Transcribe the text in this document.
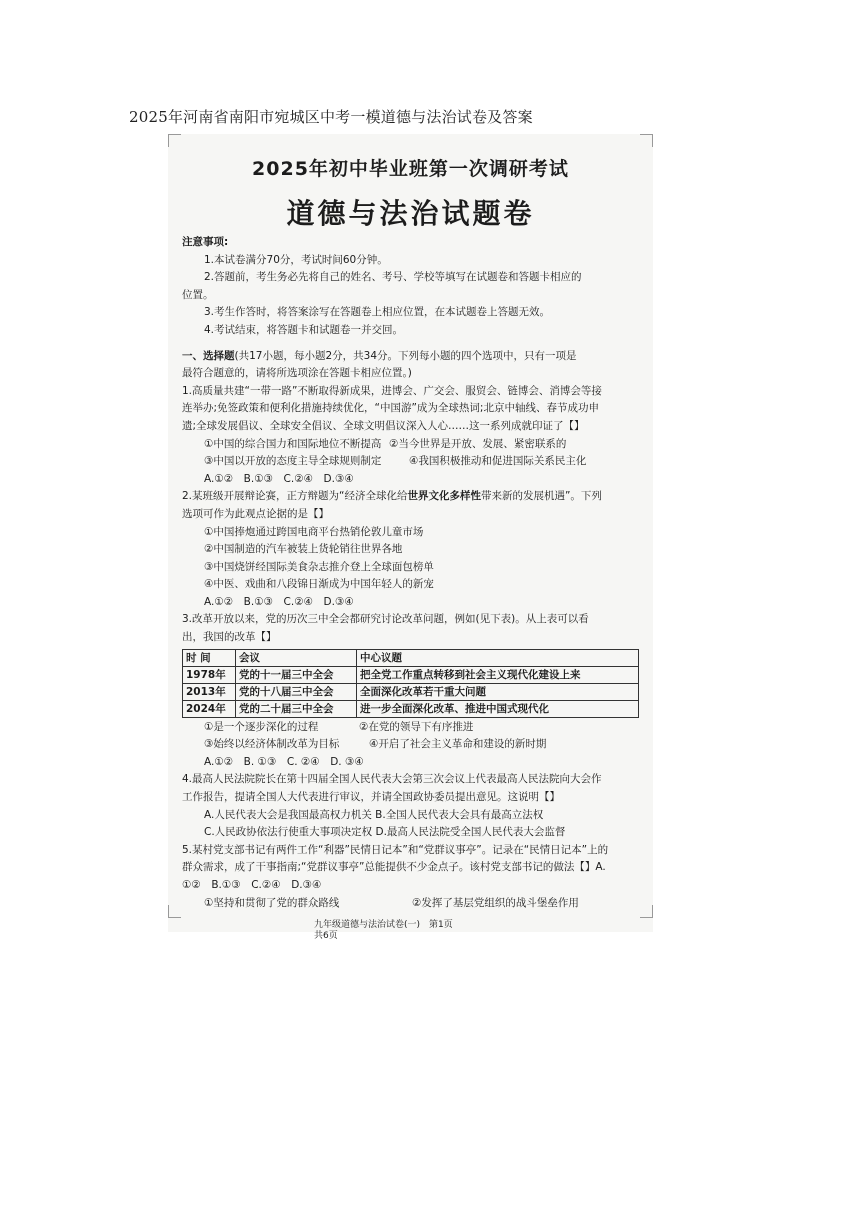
2025年河南省南阳市宛城区中考一模道德与法治试卷及答案
2025年初中毕业班第一次调研考试
道德与法治试题卷

注意事项:

1.本试卷满分70分，考试时间60分钟。

2.答题前，考生务必先将自己的姓名、考号、学校等填写在试题卷和答题卡相应的

位置。

3.考生作答时，将答案涂写在答题卷上相应位置，在本试题卷上答题无效。

4.考试结束，将答题卡和试题卷一并交回。

一、选择题(共17小题，每小题2分，共34分。下列每小题的四个选项中，只有一项是

最符合题意的，请将所选项涂在答题卡相应位置。)

1.高质量共建“一带一路”不断取得新成果，进博会、广交会、服贸会、链博会、消博会等接

连举办;免签政策和便利化措施持续优化，“中国游”成为全球热词;北京中轴线、春节成功申

遗;全球发展倡议、全球安全倡议、全球文明倡议深入人心……这一系列成就印证了【】

①中国的综合国力和国际地位不断提高 ②当今世界是开放、发展、紧密联系的
③中国以开放的态度主导全球规则制定	④我国积极推动和促进国际关系民主化

A.①②　B.①③　C.②④　D.③④

2.某班级开展辩论赛，正方辩题为“经济全球化给世界文化多样性带来新的发展机遇”。下列

选项可作为此观点论据的是【】

①中国捧炮通过跨国电商平台热销伦敦儿童市场

②中国制造的汽车被装上货轮销往世界各地

③中国烧饼经国际美食杂志推介登上全球面包榜单

④中医、戏曲和八段锦日渐成为中国年轻人的新宠

A.①②　B.①③　C.②④　D.③④

3.改革开放以来，党的历次三中全会都研究讨论改革问题，例如(见下表)。从上表可以看

出，我国的改革【】

时 间	会议	中心议题
1978年	党的十一届三中全会	把全党工作重点转移到社会主义现代化建设上来
2013年	党的十八届三中全会	全面深化改革若干重大问题
2024年	党的二十届三中全会	进一步全面深化改革、推进中国式现代化
①是一个逐步深化的过程	②在党的领导下有序推进
③始终以经济体制改革为目标	④开启了社会主义革命和建设的新时期

A.①②　B. ①③　C. ②④　D. ③④

4.最高人民法院院长在第十四届全国人民代表大会第三次会议上代表最高人民法院向大会作

工作报告，提请全国人大代表进行审议，并请全国政协委员提出意见。这说明【】

A.人民代表大会是我国最高权力机关 B.全国人民代表大会具有最高立法权

C.人民政协依法行使重大事项决定权 D.最高人民法院受全国人民代表大会监督

5.某村党支部书记有两件工作“利器”民情日记本”和“党群议事亭”。记录在“民情日记本”上的

群众需求，成了干事指南;“党群议事亭”总能提供不少金点子。该村党支部书记的做法【】A.

①②　B.①③　C.②④　D.③④

①坚持和贯彻了党的群众路线	②发挥了基层党组织的战斗堡垒作用
九年级道德与法治试卷(一)　第1页
共6页
